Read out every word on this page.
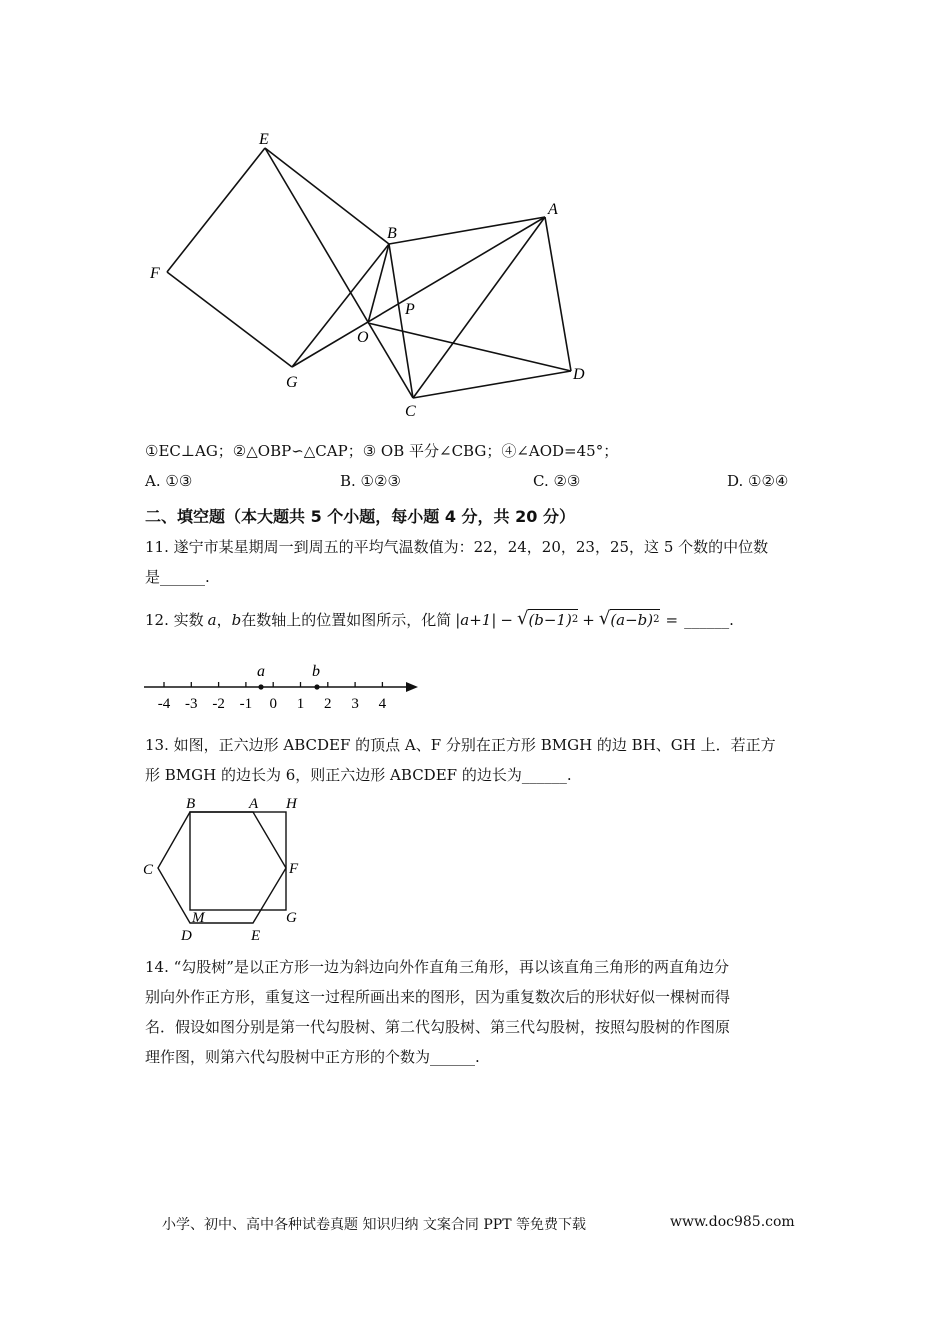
E
F
G
B
A
P
O
C
D
①EC⊥AG；②△OBP∽△CAP；③ OB 平分∠CBG；④∠AOD=45°；
A. ①③	B. ①②③	C. ②③	D. ①②④
二、填空题（本大题共 5 个小题，每小题 4 分，共 20 分）
11. 遂宁市某星期周一到周五的平均气温数值为：22，24，20，23，25，这 5 个数的中位数
是______.
12. 实数 a ， b 在数轴上的位置如图所示，化简 |a+1| − √ (b−1) 2 + √ (a−b) 2 = ______ .
-4 -3 -2 -1 0 1 2 3 4
a	b
13. 如图，正六边形 ABCDEF 的顶点 A、F 分别在正方形 BMGH 的边 BH、GH 上．若正方
形 BMGH 的边长为 6，则正六边形 ABCDEF 的边长为______.
B	A H
C	F
M	G
D	E
14. “勾股树”是以正方形一边为斜边向外作直角三角形，再以该直角三角形的两直角边分
别向外作正方形，重复这一过程所画出来的图形，因为重复数次后的形状好似一棵树而得
名．假设如图分别是第一代勾股树、第二代勾股树、第三代勾股树，按照勾股树的作图原
理作图，则第六代勾股树中正方形的个数为______.
小学、初中、高中各种试卷真题 知识归纳 文案合同 PPT 等免费下载	www.doc985.com
